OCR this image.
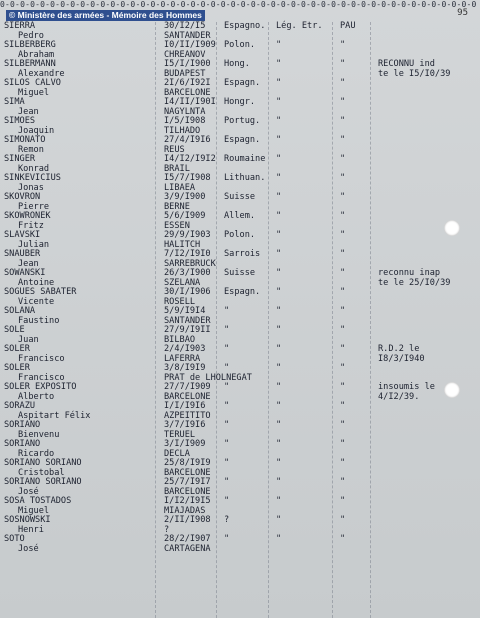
0-0-0-0-0-0-0-0-0-0-0-0-0-0-0-0-0-0-0-0-0-0-0-0-0-0-0-0-0-0-0-0-0-0-0-0-0-0-0-0-0-0-0-0-0-0-0-0
© Ministère des armées - Mémoire des Hommes	95
SIERRA
Pedro
30/I2/I5
SANTANDER
Espagno. Lég. Etr. PAU
SILBERBERG
Abraham
I0/II/I909
CHREANOV
Polon. "	"
SILBERMANN
Alexandre
I5/I/I900
BUDAPEST
Hong.	"	"	RECONNU ind
te le I5/I0/39
SILOS CALVO
Miguel
2I/6/I92I
BARCELONE
Espagn. "	"
SIMA
Jean
I4/II/I90I
NAGYLNTA
Hongr. "	"
SIMOES
Joaquin
I/5/I908
TILHADO
Portug. "	"
SIMONATO
Remon
27/4/I9I6
REUS
Espagn. "	"
SINGER
Konrad
I4/I2/I9I2
BRAIL
Roumaine "	"
SINKEVICIUS
Jonas
I5/7/I908
LIBAEA
Lithuan. "	"
SKOVRON
Pierre
3/9/I900
BERNE
Suisse "	"
SKOWRONEK
Fritz
5/6/I909
ESSEN
Allem. "	"
SLAVSKI
Julian
29/9/I903
HALITCH
Polon. "	"
SNAUBER
Jean
7/I2/I9I0
SARREBRUCK
Sarrois "	"
SOWANSKI
Antoine
26/3/I900
SZELANA
Suisse "	"	reconnu inap
te le 25/I0/39
SOGUES SABATER
Vicente
30/I/I906
ROSELL
Espagn. "	"
SOLANA
Faustino
5/9/I9I4
SANTANDER
"	"	"
SOLE
Juan
27/9/I9II
BILBAO
"	"	"
SOLER
Francisco
2/4/I903
LAFERRA
"	"	"	R.D.2 le
I8/3/I940
SOLER
Francisco
3/8/I9I9
PRAT de LHOLNEGAT
"	"	"
SOLER EXPOSITO
Alberto
27/7/I909
BARCELONE
"	"	"	insoumis le
4/I2/39.
SORAZU
Aspitart Félix
I/I/I9I6
AZPEITITO
"	"	"
SORIANO
Bienvenu
3/7/I9I6
TERUEL
"	"	"
SORIANO
Ricardo
3/I/I909
DECLA
"	"	"
SORIANO SORIANO
Cristobal
25/8/I9I9
BARCELONE
"	"	"
SORIANO SORIANO
José
25/7/I9I7
BARCELONE
"	"	"
SOSA TOSTADOS
Miguel
I/I2/I9I5
MIAJADAS
"	"	"
SOSNOWSKI
Henri
2/II/I908
?
?	"	"
SOTO
José
28/2/I907
CARTAGENA
"	"	"
